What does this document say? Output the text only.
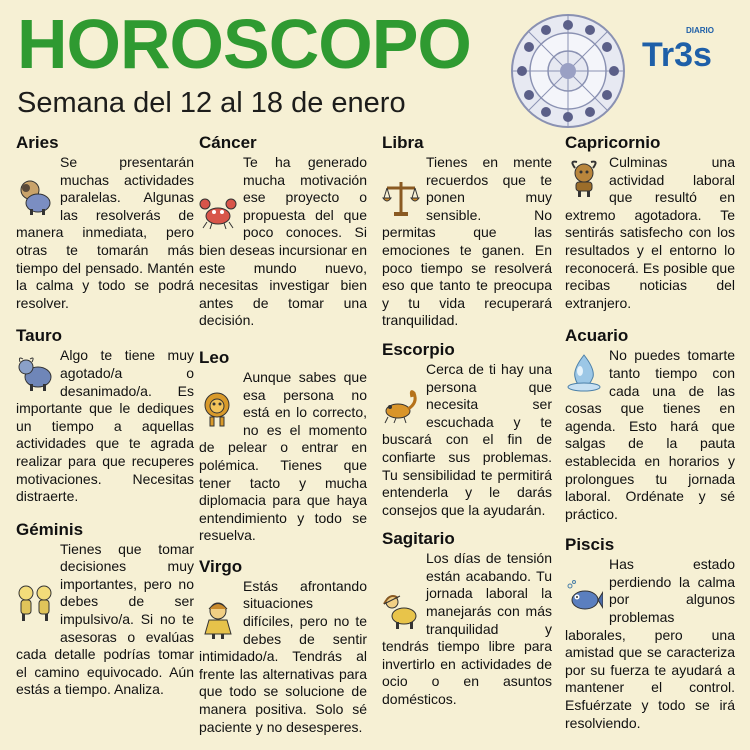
HOROSCOPO
Semana del 12 al 18 de enero
DIARIO
Tr3s
Aries

Se presentarán muchas actividades paralelas. Algunas las resolverás de manera inmediata, pero otras te tomarán más tiempo del pensado. Mantén la calma y todo se podrá resolver.

Tauro

Algo te tiene muy agotado/a o desanimado/a. Es importante que le dediques un tiempo a aquellas actividades que te agrada realizar para que recuperes motivaciones. Necesitas distraerte.

Géminis

Tienes que tomar decisiones muy importantes, pero no debes de ser impulsivo/a. Si no te asesoras o evalúas cada detalle podrías tomar el camino equivocado. Aún estás a tiempo. Analiza.

Cáncer

Te ha generado mucha motivación ese proyecto o propuesta del que poco conoces. Si bien deseas incursionar en este mundo nuevo, necesitas investigar bien antes de tomar una decisión.

Leo

Aunque sabes que esa persona no está en lo correcto, no es el momento de pelear o entrar en polémica. Tienes que tener tacto y mucha diplomacia para que haya entendimiento y todo se resuelva.

Virgo

Estás afrontando situaciones difíciles, pero no te debes de sentir intimidado/a. Tendrás al frente las alternativas para que todo se solucione de manera positiva. Solo sé paciente y no desesperes.

Libra

Tienes en mente recuerdos que te ponen muy sensible. No permitas que las emociones te ganen. En poco tiempo se resolverá eso que tanto te preocupa y tu vida recuperará tranquilidad.

Escorpio

Cerca de ti hay una persona que necesita ser escuchada y te buscará con el fin de confiarte sus problemas. Tu sensibilidad te permitirá entenderla y le darás consejos que la ayudarán.

Sagitario

Los días de tensión están acabando. Tu jornada laboral la manejarás con más tranquilidad y tendrás tiempo libre para invertirlo en actividades de ocio o en asuntos domésticos.

Capricornio

Culminas una actividad laboral que resultó en extremo agotadora. Te sentirás satisfecho con los resultados y el entorno lo reconocerá. Es posible que recibas noticias del extranjero.

Acuario

No puedes tomarte tanto tiempo con cada una de las cosas que tienes en agenda. Esto hará que salgas de la pauta establecida en horarios y prolongues tu jornada laboral. Ordénate y sé práctico.

Piscis

Has estado perdiendo la calma por algunos problemas laborales, pero una amistad que se caracteriza por su fuerza te ayudará a mantener el control. Esfuérzate y todo se irá resolviendo.
